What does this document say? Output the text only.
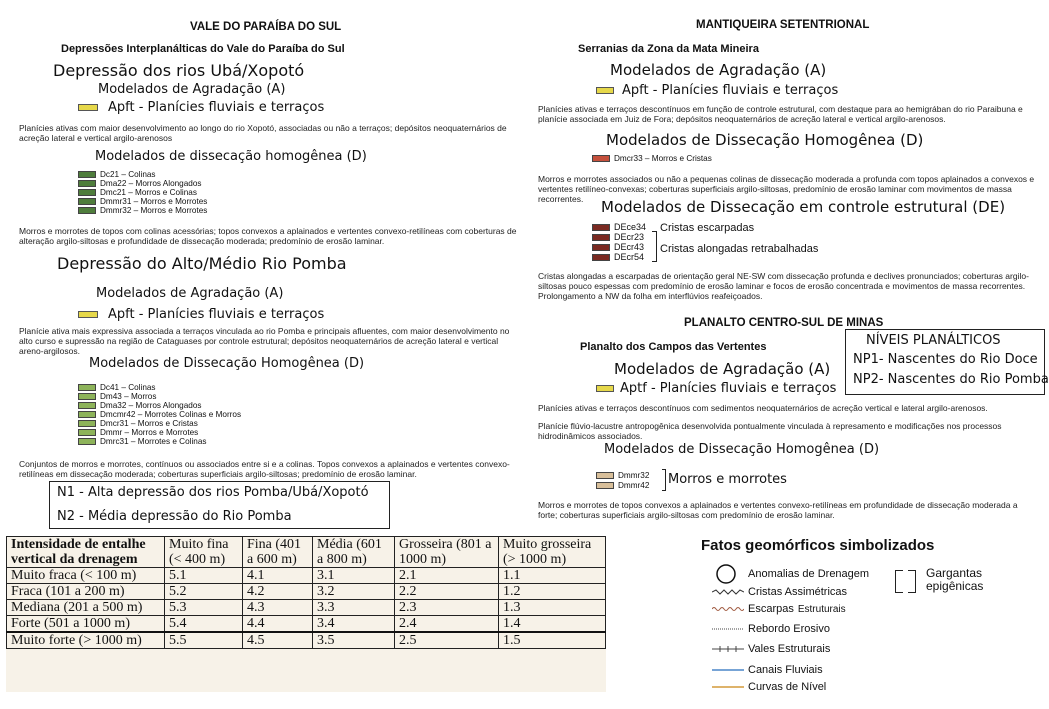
VALE DO PARAÍBA DO SUL
Depressões Interplanálticas do Vale do Paraíba do Sul
Depressão dos rios Ubá/Xopotó
Modelados de Agradação (A)
Apft - Planícies fluviais e terraços
Planícies ativas com maior desenvolvimento ao longo do rio Xopotó, associadas ou não a terraços; depósitos neoquaternários de acreção lateral e vertical argilo-arenosos
Modelados de dissecação homogênea (D)
Dc21 – Colinas
Dma22 – Morros Alongados
Dmc21 – Morros e Colinas
Dmmr31 – Morros e Morrotes
Dmmr32 – Morros e Morrotes
Morros e morrotes de topos com colinas acessórias; topos convexos a aplainados e vertentes convexo-retilíneas com coberturas de alteração argilo-siltosas e profundidade de dissecação moderada; predomínio de erosão laminar.
Depressão do Alto/Médio Rio Pomba
Modelados de Agradação (A)
Apft - Planícies fluviais e terraços
Planície ativa mais expressiva associada a terraços vinculada ao rio Pomba e principais afluentes, com maior desenvolvimento no alto curso e supressão na região de Cataguases por controle estrutural; depósitos neoquaternários de acreção lateral e vertical areno-argilosos.
Modelados de Dissecação Homogênea (D)
Dc41 – Colinas
Dm43 – Morros
Dma32 – Morros Alongados
Dmcmr42 – Morrotes Colinas e Morros
Dmcr31 – Morros e Cristas
Dmmr – Morros e Morrotes
Dmrc31 – Morrotes e Colinas
Conjuntos de morros e morrotes, contínuos ou associados entre si e a colinas. Topos convexos a aplainados e vertentes convexo-retilíneas em dissecação moderada; coberturas superficiais argilo-siltosas; predomínio de erosão laminar.
N1 - Alta depressão dos rios Pomba/Ubá/Xopotó
N2 - Média depressão do Rio Pomba
MANTIQUEIRA SETENTRIONAL
Serranias da Zona da Mata Mineira
Modelados de Agradação (A)
Apft - Planícies fluviais e terraços
Planícies ativas e terraços descontínuos em função de controle estrutural, com destaque para ao hemigrában do rio Paraibuna e planície associada em Juiz de Fora; depósitos neoquaternários de acreção lateral e vertical argilo-arenosos.
Modelados de Dissecação Homogênea (D)
Dmcr33 – Morros e Cristas
Morros e morrotes associados ou não a pequenas colinas de dissecação moderada a profunda com topos aplainados a convexos e vertentes retilíneo-convexas; coberturas superficiais argilo-siltosas, predomínio de erosão laminar com movimentos de massa recorrentes.	Modelados de Dissecação em controle estrutural (DE)
DEce34
DEcr23
DEcr43
DEcr54
Cristas escarpadas
Cristas alongadas retrabalhadas
Cristas alongadas a escarpadas de orientação geral NE-SW com dissecação profunda e declives pronunciados; coberturas argilo-siltosas pouco espessas com predomínio de erosão laminar e focos de erosão concentrada e movimentos de massa recorrentes. Prolongamento a NW da folha em interflúvios reafeiçoados.
PLANALTO CENTRO-SUL DE MINAS
Planalto dos Campos das Vertentes
Modelados de Agradação (A)
Aptf - Planícies fluviais e terraços
Planícies ativas e terraços descontínuos com sedimentos neoquaternários de acreção vertical e lateral argilo-arenosos.
Planície flúvio-lacustre antropogênica desenvolvida pontualmente vinculada à represamento e modificações nos processos hidrodinâmicos associados.
Modelados de Dissecação Homogênea (D)
Dmmr32
Dmmr42 Morros e morrotes
Morros e morrotes de topos convexos a aplainados e vertentes convexo-retilíneas em profundidade de dissecação moderada a forte; coberturas superficiais argilo-siltosas com predomínio de erosão laminar.
NÍVEIS PLANÁLTICOS
NP1- Nascentes do Rio Doce
NP2- Nascentes do Rio Pomba
Intensidade de entalhe vertical da drenagem	Muito fina (< 400 m)	Fina (401 a 600 m)	Média (601 a 800 m)	Grosseira (801 a 1000 m)	Muito grosseira (> 1000 m)
Muito fraca (< 100 m)	5.1	4.1	3.1	2.1	1.1
Fraca (101 a 200 m)	5.2	4.2	3.2	2.2	1.2
Mediana (201 a 500 m)	5.3	4.3	3.3	2.3	1.3
Forte (501 a 1000 m)	5.4	4.4	3.4	2.4	1.4
Muito forte (> 1000 m)	5.5	4.5	3.5	2.5	1.5
Fatos geomórficos simbolizados
Anomalias de Drenagem
Cristas Assimétricas
Escarpas Estruturais
Rebordo Erosivo
Vales Estruturais
Canais Fluviais
Curvas de Nível
Gargantas epigênicas
